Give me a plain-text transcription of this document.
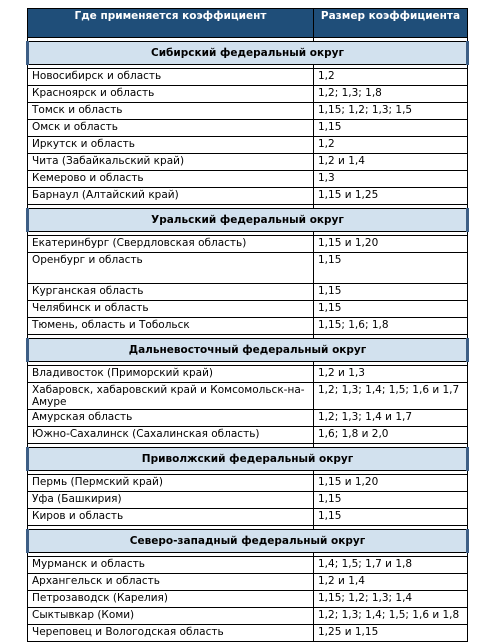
Где применяется коэффициент	Размер коэффициента

Сибирский федеральный округ	

Новосибирск и область	1,2
Красноярск и область	1,2; 1,3; 1,8
Томск и область	1,15; 1,2; 1,3; 1,5
Омск и область	1,15
Иркутск и область	1,2
Чита (Забайкальский край)	1,2 и 1,4
Кемерово и область	1,3
Барнаул (Алтайский край)	1,15 и 1,25

Уральский федеральный округ	

Екатеринбург (Свердловская область)	1,15 и 1,20
Оренбург и область	1,15
Курганская область	1,15
Челябинск и область	1,15
Тюмень, область и Тобольск	1,15; 1,6; 1,8

Дальневосточный федеральный округ	

Владивосток (Приморский край)	1,2 и 1,3
Хабаровск, хабаровский край и Комсомольск-на-Амуре	1,2; 1,3; 1,4; 1,5; 1,6 и 1,7
Амурская область	1,2; 1,3; 1,4 и 1,7
Южно-Сахалинск (Сахалинская область)	1,6; 1,8 и 2,0

Приволжский федеральный округ	

Пермь (Пермский край)	1,15 и 1,20
Уфа (Башкирия)	1,15
Киров и область	1,15

Северо-западный федеральный округ	

Мурманск и область	1,4; 1,5; 1,7 и 1,8
Архангельск и область	1,2 и 1,4
Петрозаводск (Карелия)	1,15; 1,2; 1,3; 1,4
Сыктывкар (Коми)	1,2; 1,3; 1,4; 1,5; 1,6 и 1,8
Череповец и Вологодская область	1,25 и 1,15
